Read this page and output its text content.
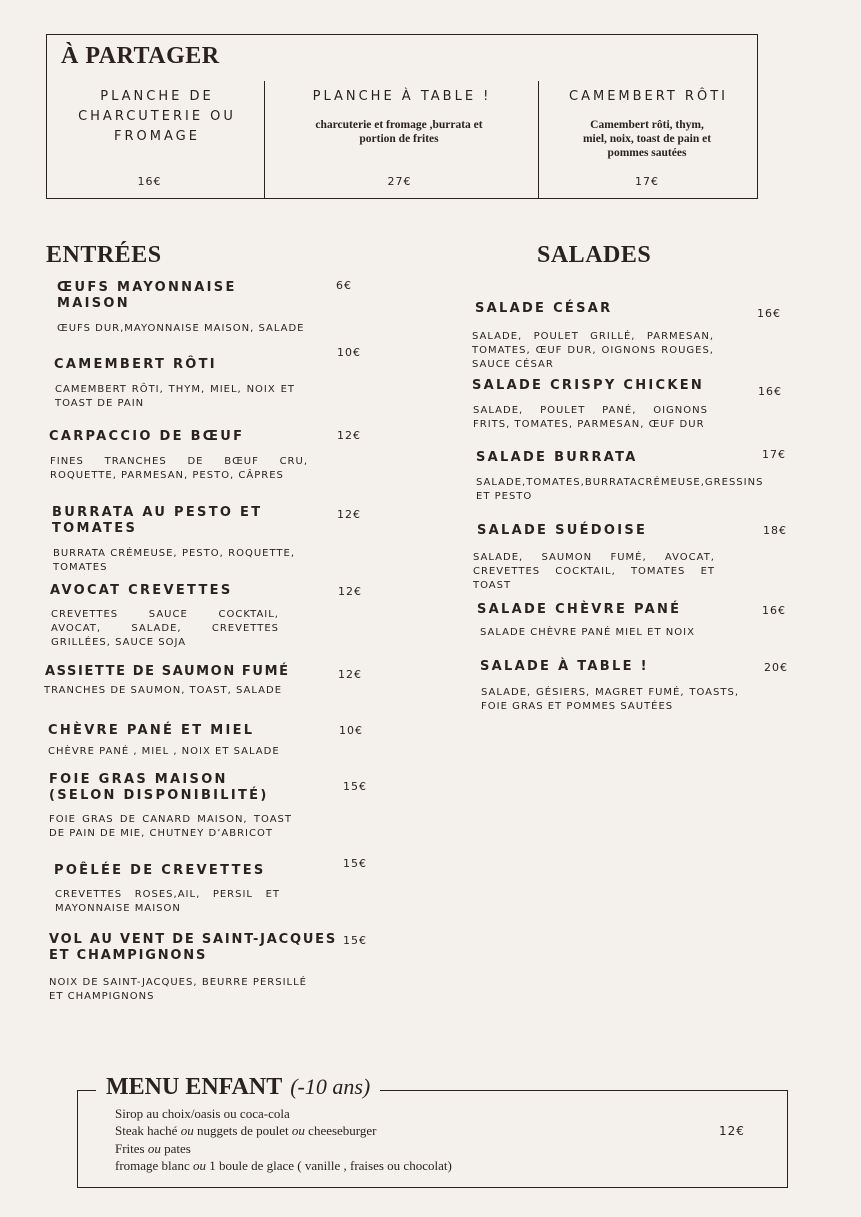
À PARTAGER
PLANCHE DE CHARCUTERIE OU FROMAGE
16€
PLANCHE À TABLE !
charcuterie et fromage ,burrata et portion de frites
27€
CAMEMBERT RÔTI
Camembert rôti, thym, miel, noix, toast de pain et pommes sautées
17€
ENTRÉES
ŒUFS MAYONNAISE MAISON
6€
ŒUFS DUR,MAYONNAISE MAISON, SALADE
CAMEMBERT RÔTI
10€
CAMEMBERT RÔTI, THYM, MIEL, NOIX ET TOAST DE PAIN
CARPACCIO DE BŒUF	12€
FINES TRANCHES DE BŒUF CRU, ROQUETTE, PARMESAN, PESTO, CÂPRES
BURRATA AU PESTO ET TOMATES
12€
BURRATA CRÉMEUSE, PESTO, ROQUETTE, TOMATES
AVOCAT CREVETTES	12€
CREVETTES SAUCE COCKTAIL, AVOCAT, SALADE, CREVETTES GRILLÉES, SAUCE SOJA
ASSIETTE DE SAUMON FUMÉ	12€
TRANCHES DE SAUMON, TOAST, SALADE
CHÈVRE PANÉ ET MIEL	10€
CHÈVRE PANÉ , MIEL , NOIX ET SALADE
FOIE GRAS MAISON (SELON DISPONIBILITÉ)
15€
FOIE GRAS DE CANARD MAISON, TOAST DE PAIN DE MIE, CHUTNEY D’ABRICOT
POÊLÉE DE CREVETTES	15€
CREVETTES ROSES,AIL, PERSIL ET MAYONNAISE MAISON
VOL AU VENT DE SAINT-JACQUES ET CHAMPIGNONS
15€
NOIX DE SAINT-JACQUES, BEURRE PERSILLÉ ET CHAMPIGNONS
SALADES
SALADE CÉSAR	16€
SALADE, POULET GRILLÉ, PARMESAN, TOMATES, ŒUF DUR, OIGNONS ROUGES, SAUCE CÉSAR
SALADE CRISPY CHICKEN	16€
SALADE, POULET PANÉ, OIGNONS FRITS, TOMATES, PARMESAN, ŒUF DUR
SALADE BURRATA	17€
SALADE,TOMATES,BURRATACRÉMEUSE,GRESSINS ET PESTO
SALADE SUÉDOISE	18€
SALADE, SAUMON FUMÉ, AVOCAT, CREVETTES COCKTAIL, TOMATES ET TOAST
SALADE CHÈVRE PANÉ	16€
SALADE CHÈVRE PANÉ MIEL ET NOIX
SALADE À TABLE !	20€
SALADE, GÉSIERS, MAGRET FUMÉ, TOASTS, FOIE GRAS ET POMMES SAUTÉES
MENU ENFANT (-10 ans)
Sirop au choix/oasis ou coca-cola
Steak haché ou nuggets de poulet ou cheeseburger
Frites ou pates
fromage blanc ou 1 boule de glace ( vanille , fraises ou chocolat)
12€
